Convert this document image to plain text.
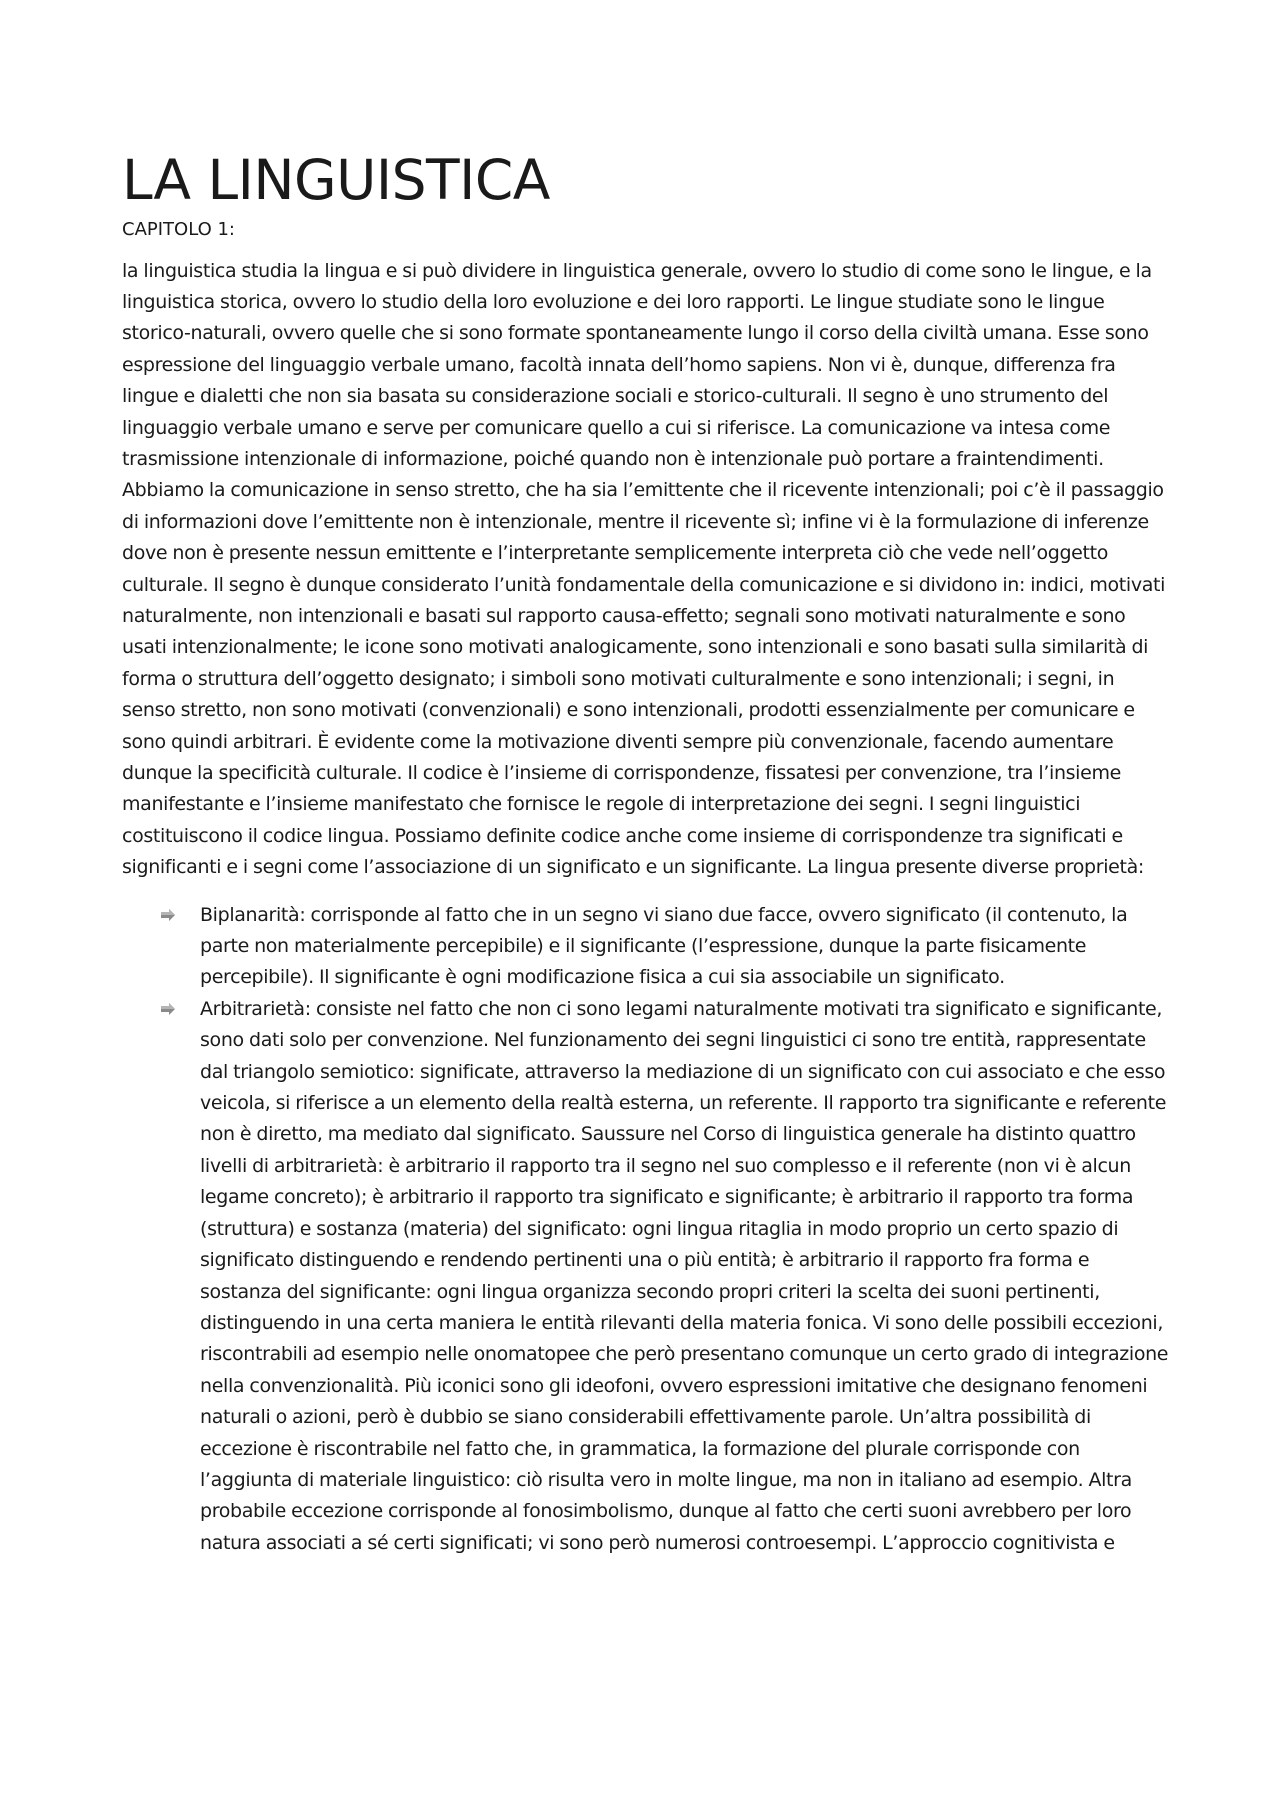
LA LINGUISTICA
CAPITOLO 1:

la linguistica studia la lingua e si può dividere in linguistica generale, ovvero lo studio di come sono le lingue, e la linguistica storica, ovvero lo studio della loro evoluzione e dei loro rapporti. Le lingue studiate sono le lingue storico-naturali, ovvero quelle che si sono formate spontaneamente lungo il corso della civiltà umana. Esse sono espressione del linguaggio verbale umano, facoltà innata dell’homo sapiens. Non vi è, dunque, differenza fra lingue e dialetti che non sia basata su considerazione sociali e storico-culturali. Il segno è uno strumento del linguaggio verbale umano e serve per comunicare quello a cui si riferisce. La comunicazione va intesa come trasmissione intenzionale di informazione, poiché quando non è intenzionale può portare a fraintendimenti. Abbiamo la comunicazione in senso stretto, che ha sia l’emittente che il ricevente intenzionali; poi c’è il passaggio di informazioni dove l’emittente non è intenzionale, mentre il ricevente sì; infine vi è la formulazione di inferenze dove non è presente nessun emittente e l’interpretante semplicemente interpreta ciò che vede nell’oggetto culturale. Il segno è dunque considerato l’unità fondamentale della comunicazione e si dividono in: indici, motivati naturalmente, non intenzionali e basati sul rapporto causa-effetto; segnali sono motivati naturalmente e sono usati intenzionalmente; le icone sono motivati analogicamente, sono intenzionali e sono basati sulla similarità di forma o struttura dell’oggetto designato; i simboli sono motivati culturalmente e sono intenzionali; i segni, in senso stretto, non sono motivati (convenzionali) e sono intenzionali, prodotti essenzialmente per comunicare e sono quindi arbitrari. È evidente come la motivazione diventi sempre più convenzionale, facendo aumentare dunque la specificità culturale. Il codice è l’insieme di corrispondenze, fissatesi per convenzione, tra l’insieme manifestante e l’insieme manifestato che fornisce le regole di interpretazione dei segni. I segni linguistici costituiscono il codice lingua. Possiamo definite codice anche come insieme di corrispondenze tra significati e significanti e i segni come l’associazione di un significato e un significante. La lingua presente diverse proprietà:

Biplanarità: corrisponde al fatto che in un segno vi siano due facce, ovvero significato (il contenuto, la parte non materialmente percepibile) e il significante (l’espressione, dunque la parte fisicamente percepibile). Il significante è ogni modificazione fisica a cui sia associabile un significato.
Arbitrarietà: consiste nel fatto che non ci sono legami naturalmente motivati tra significato e significante, sono dati solo per convenzione. Nel funzionamento dei segni linguistici ci sono tre entità, rappresentate dal triangolo semiotico: significate, attraverso la mediazione di un significato con cui associato e che esso veicola, si riferisce a un elemento della realtà esterna, un referente. Il rapporto tra significante e referente non è diretto, ma mediato dal significato. Saussure nel Corso di linguistica generale ha distinto quattro livelli di arbitrarietà: è arbitrario il rapporto tra il segno nel suo complesso e il referente (non vi è alcun legame concreto); è arbitrario il rapporto tra significato e significante; è arbitrario il rapporto tra forma (struttura) e sostanza (materia) del significato: ogni lingua ritaglia in modo proprio un certo spazio di significato distinguendo e rendendo pertinenti una o più entità; è arbitrario il rapporto fra forma e sostanza del significante: ogni lingua organizza secondo propri criteri la scelta dei suoni pertinenti, distinguendo in una certa maniera le entità rilevanti della materia fonica. Vi sono delle possibili eccezioni, riscontrabili ad esempio nelle onomatopee che però presentano comunque un certo grado di integrazione nella convenzionalità. Più iconici sono gli ideofoni, ovvero espressioni imitative che designano fenomeni naturali o azioni, però è dubbio se siano considerabili effettivamente parole. Un’altra possibilità di eccezione è riscontrabile nel fatto che, in grammatica, la formazione del plurale corrisponde con l’aggiunta di materiale linguistico: ciò risulta vero in molte lingue, ma non in italiano ad esempio. Altra probabile eccezione corrisponde al fonosimbolismo, dunque al fatto che certi suoni avrebbero per loro natura associati a sé certi significati; vi sono però numerosi controesempi. L’approccio cognitivista e
